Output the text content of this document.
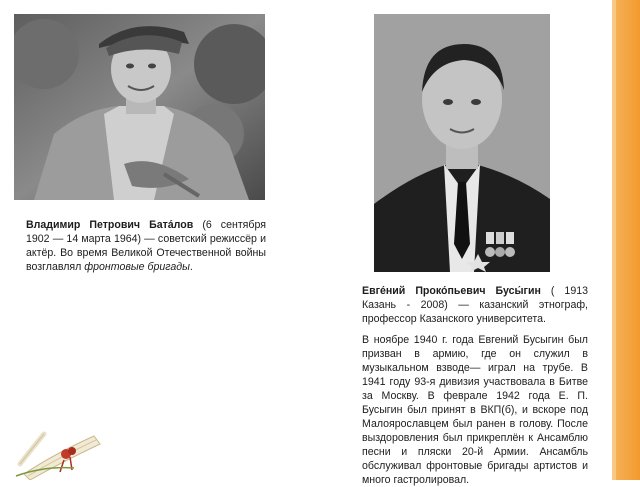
Владимир Петрович Бата́лов (6 сентября 1902 — 14 марта 1964) — советский режиссёр и актёр. Во время Великой Отечественной войны возглавлял фронтовые бригады.

Евге́ний Проко́пьевич Бусы́гин ( 1913 Казань - 2008) — казанский этнограф, профессор Казанского университета.

В ноябре 1940 г. года Евгений Бусыгин был призван в армию, где он служил в музыкальном взводе— играл на трубе. В 1941 году 93-я дивизия участвовала в Битве за Москву. В феврале 1942 года Е. П. Бусыгин был принят в ВКП(б), и вскоре под Малоярославцем был ранен в голову. После выздоровления был прикреплён к Ансамблю песни и пляски 20-й Армии. Ансамбль обслуживал фронтовые бригады артистов и много гастролировал.
